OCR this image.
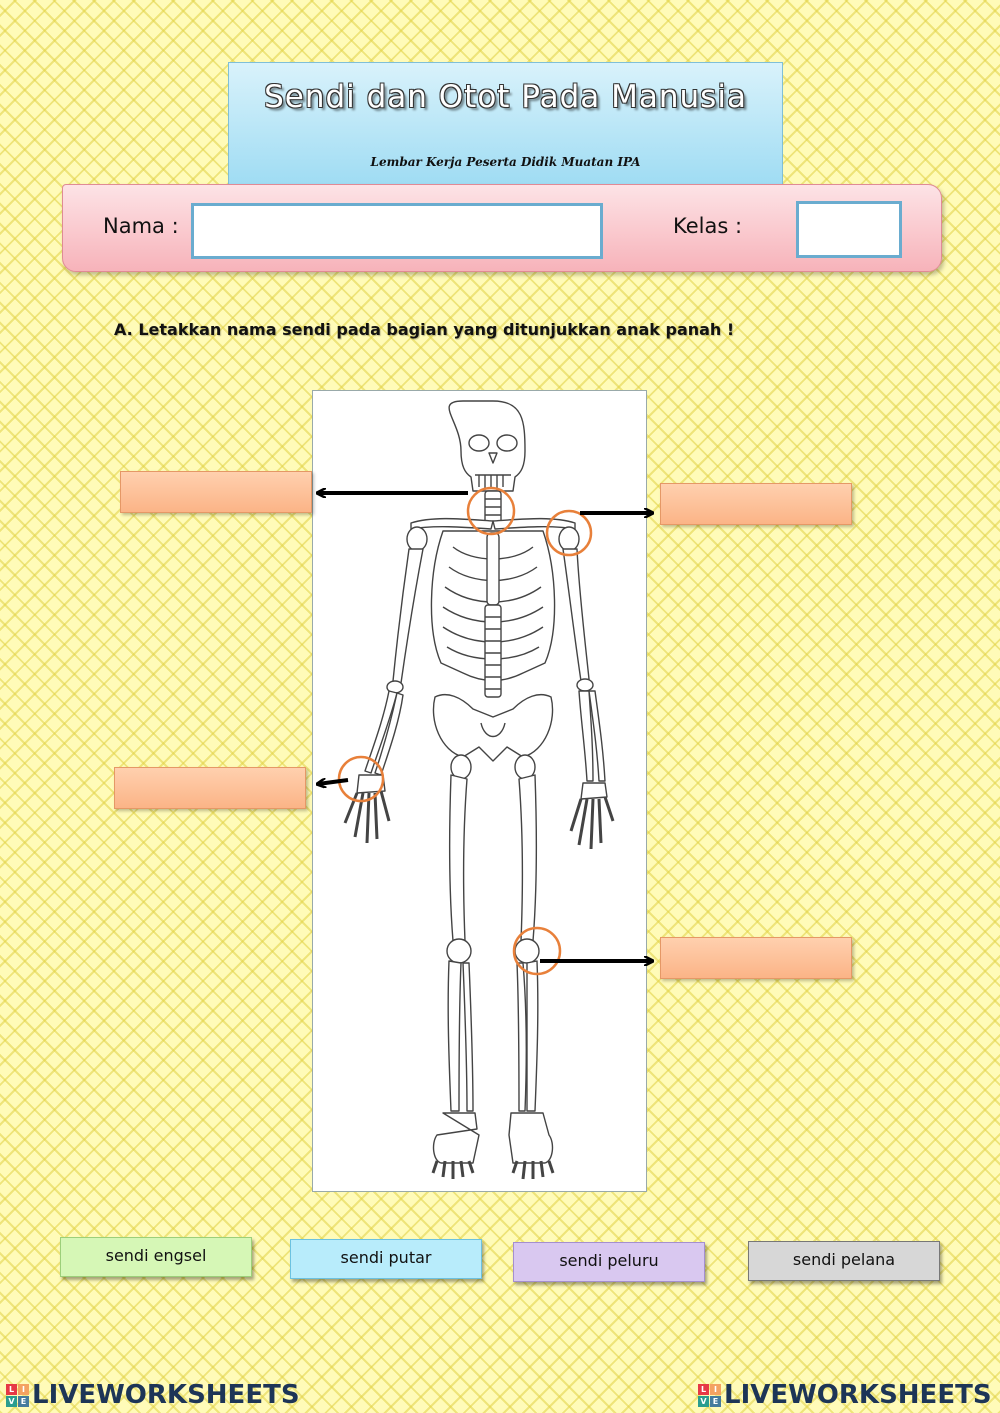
Sendi dan Otot Pada Manusia
Lembar Kerja Peserta Didik Muatan IPA
Nama :	Kelas :
A. Letakkan nama sendi pada bagian yang ditunjukkan anak panah !
sendi engsel	sendi putar	sendi peluru	sendi pelana
L I
V E LIVEWORKSHEETS	L I
V E LIVEWORKSHEETS
